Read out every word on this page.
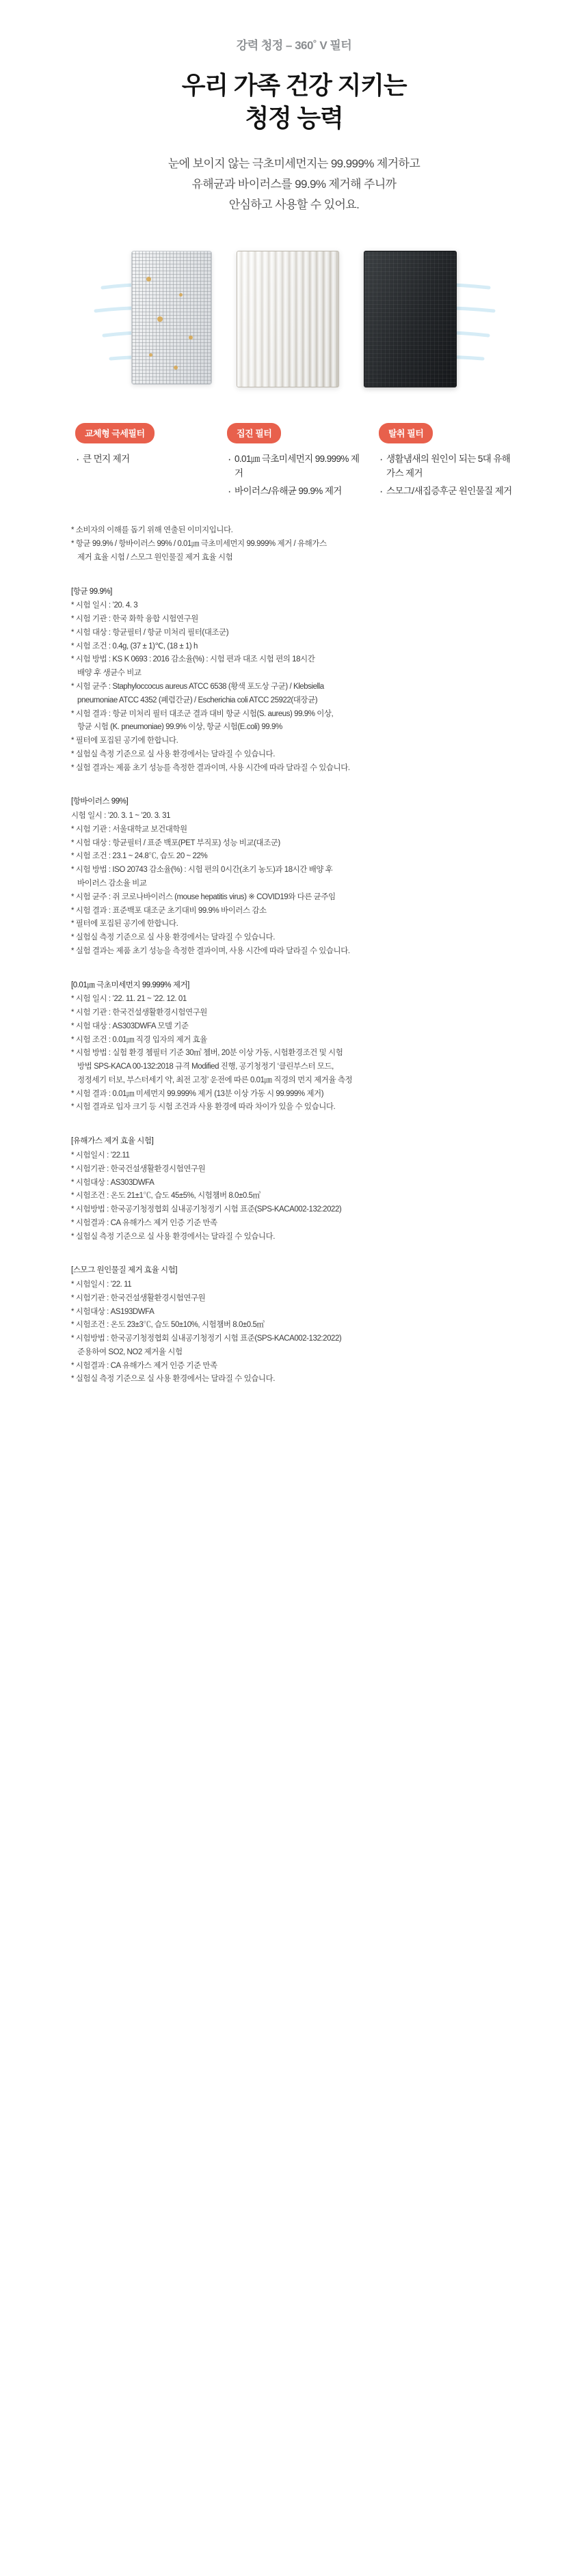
강력 청정 – 360˚ V 필터
우리 가족 건강 지키는
청정 능력
눈에 보이지 않는 극초미세먼지는 99.999% 제거하고
유해균과 바이러스를 99.9% 제거해 주니까
안심하고 사용할 수 있어요.
교체형 극세필터
· 큰 먼지 제거
집진 필터
· 0.01㎛ 극초미세먼지 99.999% 제거
· 바이러스/유해균 99.9% 제거
탈취 필터
· 생활냄새의 원인이 되는 5대 유해가스 제거
· 스모그/새집증후군 원인물질 제거
* 소비자의 이해를 돕기 위해 연출된 이미지입니다.
* 항균 99.9% / 항바이러스 99% / 0.01㎛ 극초미세먼지 99.999% 제거 / 유해가스
제거 효율 시험 / 스모그 원인물질 제거 효율 시험
[항균 99.9%]
* 시험 일시 : ’20. 4. 3
* 시험 기관 : 한국 화학 융합 시험연구원
* 시험 대상 : 항균필터 / 항균 미처리 필터(대조군)
* 시험 조건 : 0.4g, (37 ± 1)℃, (18 ± 1) h
* 시험 방법 : KS K 0693 : 2016 감소율(%) : 시험 편과 대조 시험 편의 18시간
배양 후 생균수 비교
* 시험 균주 : Staphyloccocus aureus ATCC 6538 (황색 포도상 구균) / Klebsiella
pneumoniae ATCC 4352 (폐렴간균) / Escherichia coli ATCC 25922(대장균)
* 시험 결과 : 항균 미처리 필터 대조군 결과 대비 항균 시험(S. aureus) 99.9% 이상,
항균 시험 (K. pneumoniae) 99.9% 이상, 항균 시험(E.coli) 99.9%
* 필터에 포집된 공기에 한합니다.
* 실험실 측정 기준으로 실 사용 환경에서는 달라질 수 있습니다.
* 실험 결과는 제품 초기 성능를 측정한 결과이며, 사용 시간에 따라 달라질 수 있습니다.
[항바이러스 99%]
시험 일시 : ’20. 3. 1 ~ ’20. 3. 31
* 시험 기관 : 서울대학교 보건대학원
* 시험 대상 : 항균필터 / 표준 백포(PET 부직포) 성능 비교(대조군)
* 시험 조건 : 23.1 ~ 24.8℃, 습도 20 ~ 22%
* 시험 방법 : ISO 20743 감소율(%) : 시험 편의 0시간(초기 농도)과 18시간 배양 후
바이러스 감소율 비교
* 시험 균주 : 쥐 코로나바이러스 (mouse hepatitis virus) ※ COVID19와 다른 균주임
* 시험 결과 : 표준백포 대조군 초기대비 99.9% 바이러스 감소
* 필터에 포집된 공기에 한합니다.
* 실험실 측정 기준으로 실 사용 환경에서는 달라질 수 있습니다.
* 실험 결과는 제품 초기 성능을 측정한 결과이며, 사용 시간에 따라 달라질 수 있습니다.
[0.01㎛ 극초미세먼지 99.999% 제거]
* 시험 일시 : ’22. 11. 21 ~ ’22. 12. 01
* 시험 기관 : 한국건설생활환경시험연구원
* 시험 대상 : AS303DWFA 모델 기준
* 시험 조건 : 0.01㎛ 직경 입자의 제거 효율
* 시험 방법 : 실험 환경 쳄필터 기준 30㎥ 쳄버, 20분 이상 가동, 시험환경조건 및 시험
방법 SPS-KACA 00-132:2018 규격 Modified 진행, 공기청정기 ‘클린부스터 모드,
정정세기 터보, 부스터세기 약, 최전 고정’ 운전에 따른 0.01㎛ 직경의 먼지 제거율 측정
* 시험 결과 : 0.01㎛ 미세먼지 99.999% 제거 (13분 이상 가동 시 99.999% 제거)
* 시험 결과로 입자 크기 등 시험 조건과 사용 환경에 따라 차이가 있을 수 있습니다.
[유해가스 제거 효율 시험]
* 시험일시 : ’22.11
* 시험기관 : 한국건설생활환경시험연구원
* 시험대상 : AS303DWFA
* 시험조건 : 온도 21±1℃, 습도 45±5%, 시험챔버 8.0±0.5㎥
* 시험방법 : 한국공기청정협회 실내공기청정기 시험 표준(SPS-KACA002-132:2022)
* 시험결과 : CA 유해가스 제거 인증 기준 만족
* 실험실 측정 기준으로 실 사용 환경에서는 달라질 수 있습니다.
[스모그 원인물질 제거 효율 시험]
* 시험일시 : ’22. 11
* 시험기관 : 한국건설생활환경시험연구원
* 시험대상 : AS193DWFA
* 시험조건 : 온도 23±3℃, 습도 50±10%, 시험챔버 8.0±0.5㎥
* 시험방법 : 한국공기청정협회 실내공기청정기 시험 표준(SPS-KACA002-132:2022)
준용하여 SO2, NO2 제거율 시험
* 시험결과 : CA 유해가스 제거 인증 기준 만족
* 실험실 측정 기준으로 실 사용 환경에서는 달라질 수 있습니다.
